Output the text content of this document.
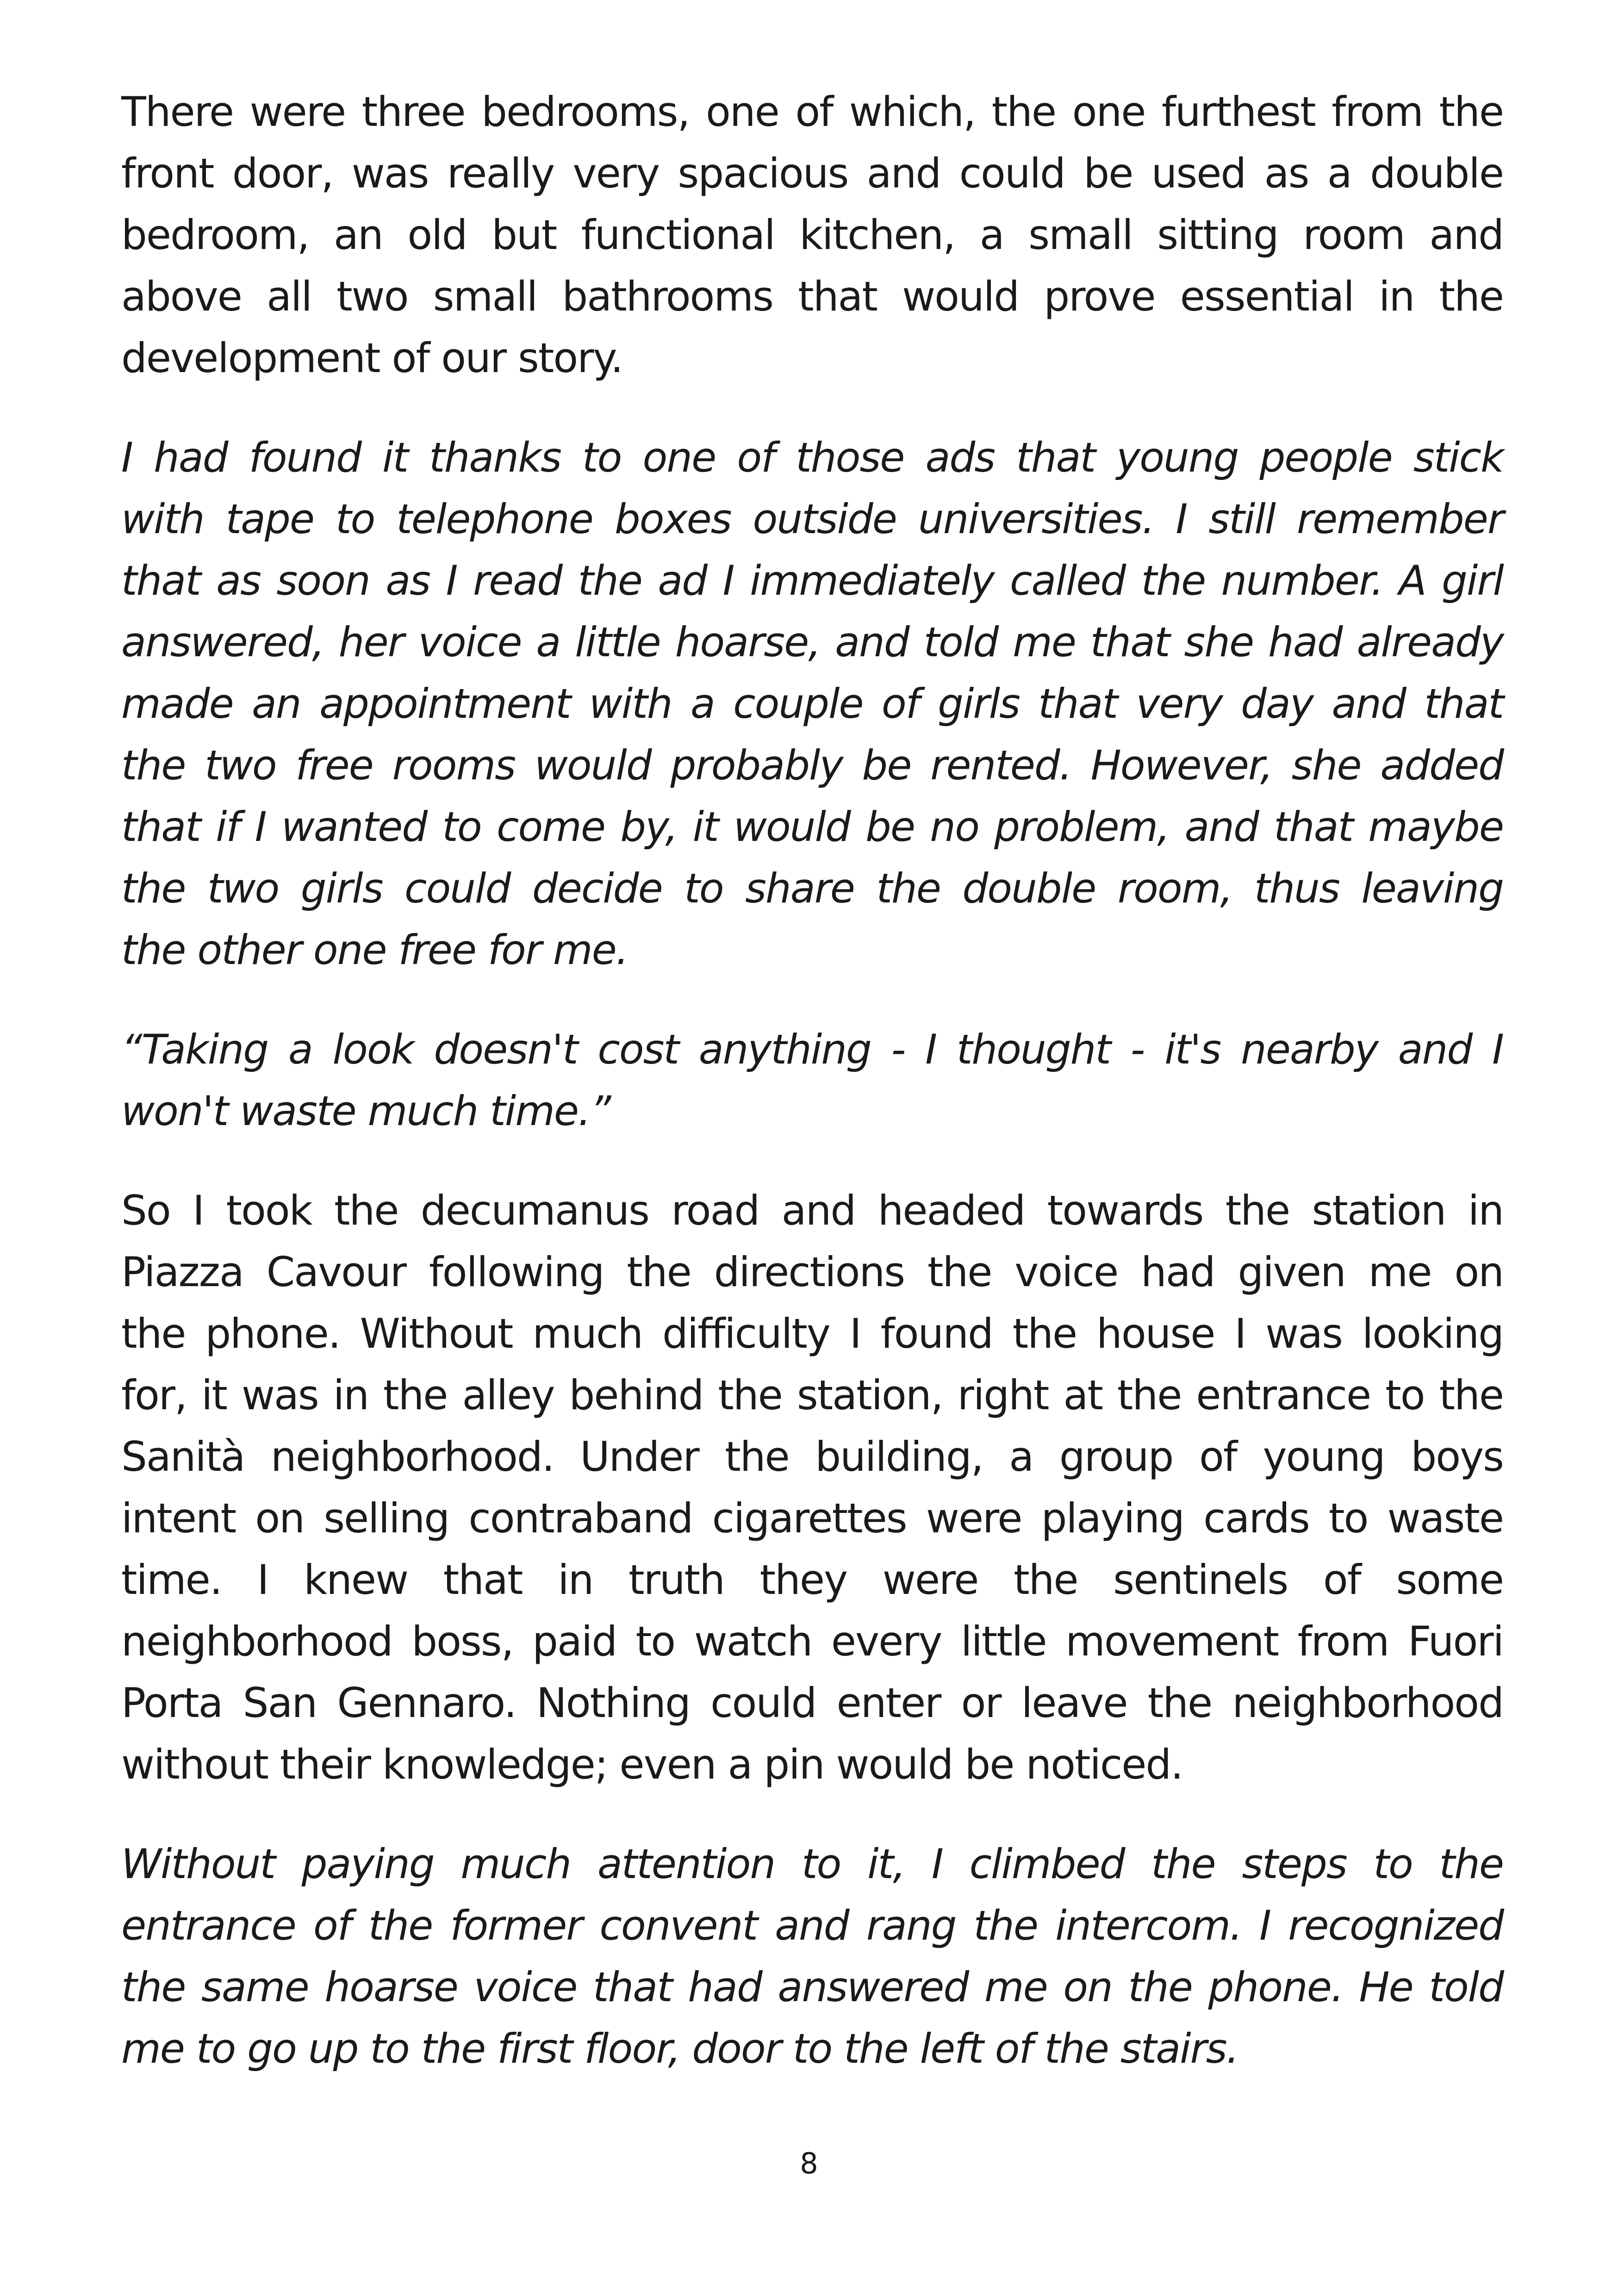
There were three bedrooms, one of which, the one furthest from the
front door, was really very spacious and could be used as a double
bedroom, an old but functional kitchen, a small sitting room and
above all two small bathrooms that would prove essential in the
development of our story.

I had found it thanks to one of those ads that young people stick
with tape to telephone boxes outside universities. I still remember
that as soon as I read the ad I immediately called the number. A girl
answered, her voice a little hoarse, and told me that she had already
made an appointment with a couple of girls that very day and that
the two free rooms would probably be rented. However, she added
that if I wanted to come by, it would be no problem, and that maybe
the two girls could decide to share the double room, thus leaving
the other one free for me.

“Taking a look doesn't cost anything - I thought - it's nearby and I
won't waste much time.”

So I took the decumanus road and headed towards the station in
Piazza Cavour following the directions the voice had given me on
the phone. Without much difficulty I found the house I was looking
for, it was in the alley behind the station, right at the entrance to the
Sanità neighborhood. Under the building, a group of young boys
intent on selling contraband cigarettes were playing cards to waste
time. I knew that in truth they were the sentinels of some
neighborhood boss, paid to watch every little movement from Fuori
Porta San Gennaro. Nothing could enter or leave the neighborhood
without their knowledge; even a pin would be noticed.

Without paying much attention to it, I climbed the steps to the
entrance of the former convent and rang the intercom. I recognized
the same hoarse voice that had answered me on the phone. He told
me to go up to the first floor, door to the left of the stairs.

8
